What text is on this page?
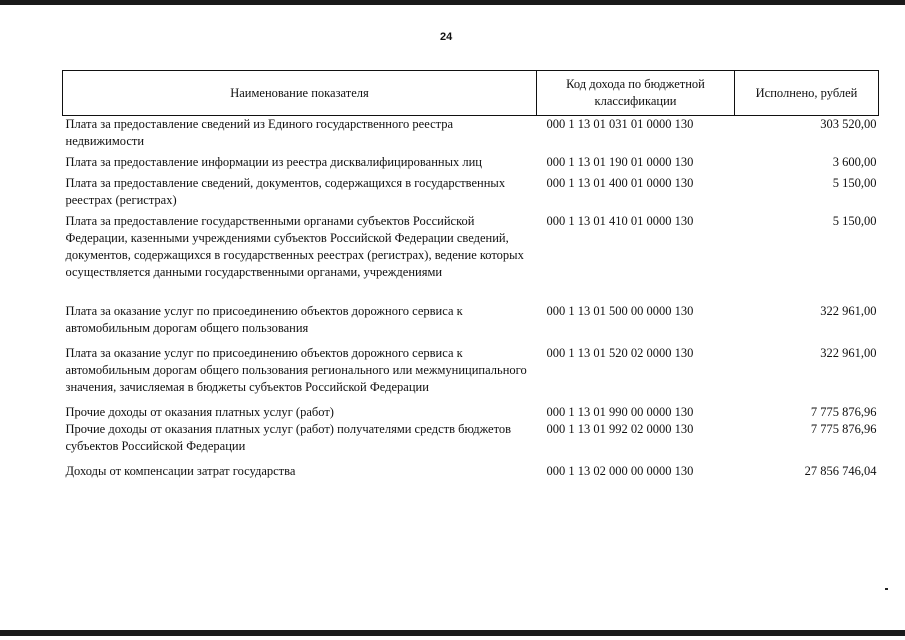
24
Наименование показателя	Код дохода по бюджетной классификации	Исполнено, рублей
Плата за предоставление сведений из Единого государственного реестра недвижимости	000 1 13 01 031 01 0000 130	303 520,00
Плата за предоставление информации из реестра дисквалифицированных лиц	000 1 13 01 190 01 0000 130	3 600,00
Плата за предоставление сведений, документов, содержащихся в государственных реестрах (регистрах)	000 1 13 01 400 01 0000 130	5 150,00
Плата за предоставление государственными органами субъектов Российской Федерации, казенными учреждениями субъектов Российской Федерации сведений, документов, содержащихся в государственных реестрах (регистрах), ведение которых осуществляется данными государственными органами, учреждениями	000 1 13 01 410 01 0000 130	5 150,00
Плата за оказание услуг по присоединению объектов дорожного сервиса к автомобильным дорогам общего пользования	000 1 13 01 500 00 0000 130	322 961,00
Плата за оказание услуг по присоединению объектов дорожного сервиса к автомобильным дорогам общего пользования регионального или межмуниципального значения, зачисляемая в бюджеты субъектов Российской Федерации	000 1 13 01 520 02 0000 130	322 961,00
Прочие доходы от оказания платных услуг (работ)	000 1 13 01 990 00 0000 130	7 775 876,96
Прочие доходы от оказания платных услуг (работ) получателями средств бюджетов субъектов Российской Федерации	000 1 13 01 992 02 0000 130	7 775 876,96
Доходы от компенсации затрат государства	000 1 13 02 000 00 0000 130	27 856 746,04
